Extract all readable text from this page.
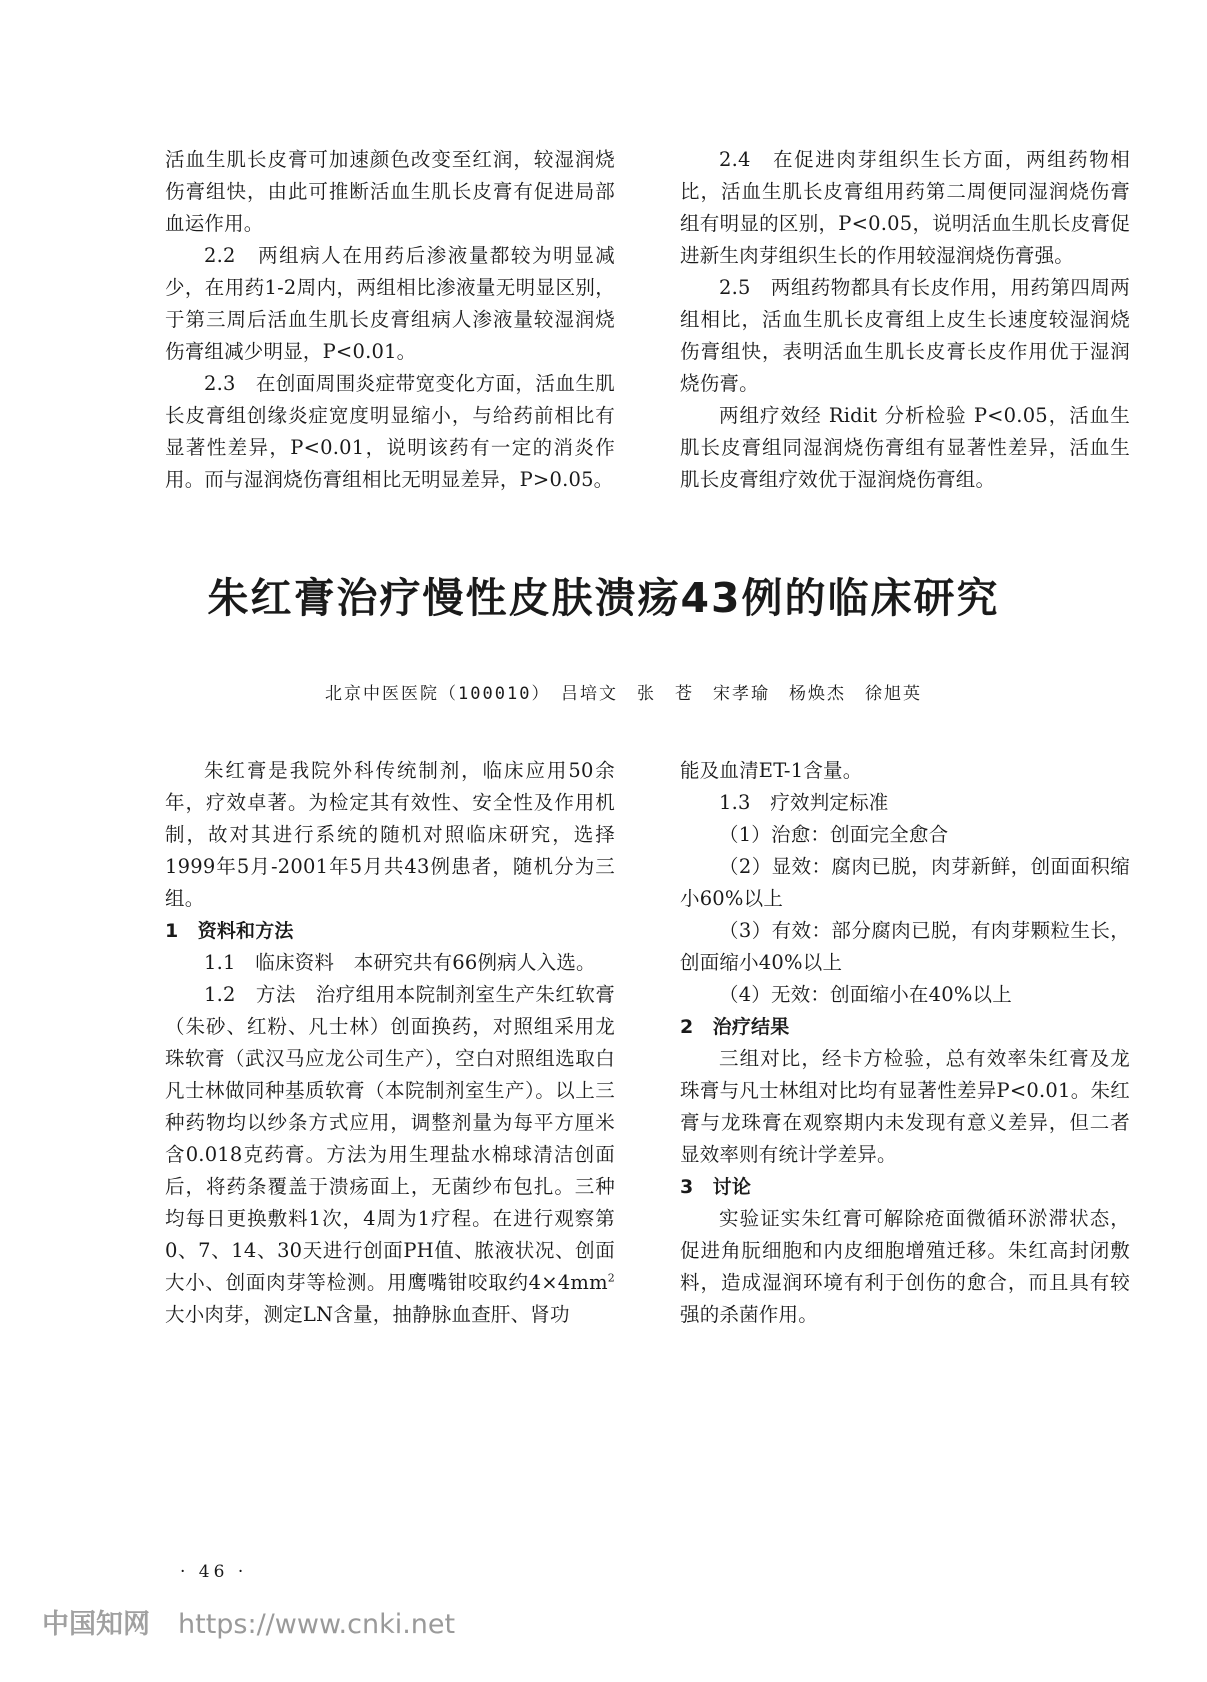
活血生肌长皮膏可加速颜色改变至红润，较湿润烧伤膏组快，由此可推断活血生肌长皮膏有促进局部血运作用。

2.2　两组病人在用药后渗液量都较为明显减少，在用药1-2周内，两组相比渗液量无明显区别，于第三周后活血生肌长皮膏组病人渗液量较湿润烧伤膏组减少明显，P<0.01。

2.3　在创面周围炎症带宽变化方面，活血生肌长皮膏组创缘炎症宽度明显缩小，与给药前相比有显著性差异，P<0.01，说明该药有一定的消炎作用。而与湿润烧伤膏组相比无明显差异，P>0.05。

2.4　在促进肉芽组织生长方面，两组药物相比，活血生肌长皮膏组用药第二周便同湿润烧伤膏组有明显的区别，P<0.05，说明活血生肌长皮膏促进新生肉芽组织生长的作用较湿润烧伤膏强。

2.5　两组药物都具有长皮作用，用药第四周两组相比，活血生肌长皮膏组上皮生长速度较湿润烧伤膏组快，表明活血生肌长皮膏长皮作用优于湿润烧伤膏。

两组疗效经 Ridit 分析检验 P<0.05，活血生肌长皮膏组同湿润烧伤膏组有显著性差异，活血生肌长皮膏组疗效优于湿润烧伤膏组。

朱红膏治疗慢性皮肤溃疡43例的临床研究

北京中医医院（100010）　吕培文　张　苍　宋孝瑜　杨焕杰　徐旭英

朱红膏是我院外科传统制剂，临床应用50余年，疗效卓著。为检定其有效性、安全性及作用机制，故对其进行系统的随机对照临床研究，选择1999年5月-2001年5月共43例患者，随机分为三组。

1　资料和方法

1.1　临床资料　本研究共有66例病人入选。

1.2　方法　治疗组用本院制剂室生产朱红软膏（朱砂、红粉、凡士林）创面换药，对照组采用龙珠软膏（武汉马应龙公司生产），空白对照组选取白凡士林做同种基质软膏（本院制剂室生产）。以上三种药物均以纱条方式应用，调整剂量为每平方厘米含0.018克药膏。方法为用生理盐水棉球清洁创面后，将药条覆盖于溃疡面上，无菌纱布包扎。三种均每日更换敷料1次，4周为1疗程。在进行观察第0、7、14、30天进行创面PH值、脓液状况、创面大小、创面肉芽等检测。用鹰嘴钳咬取约$4\times 4mm^2$大小肉芽，测定LN含量，抽静脉血查肝、肾功

能及血清ET-1含量。

1.3　疗效判定标准

（1）治愈：创面完全愈合

（2）显效：腐肉已脱，肉芽新鲜，创面面积缩小60%以上

（3）有效：部分腐肉已脱，有肉芽颗粒生长，创面缩小40%以上

（4）无效：创面缩小在40%以上

2　治疗结果

三组对比，经卡方检验，总有效率朱红膏及龙珠膏与凡士林组对比均有显著性差异P<0.01。朱红膏与龙珠膏在观察期内未发现有意义差异，但二者显效率则有统计学差异。

3　讨论

实验证实朱红膏可解除疮面微循环淤滞状态，促进角朊细胞和内皮细胞增殖迁移。朱红高封闭敷料，造成湿润环境有利于创伤的愈合，而且具有较强的杀菌作用。

· 46 ·
中国知网 https://www.cnki.net
